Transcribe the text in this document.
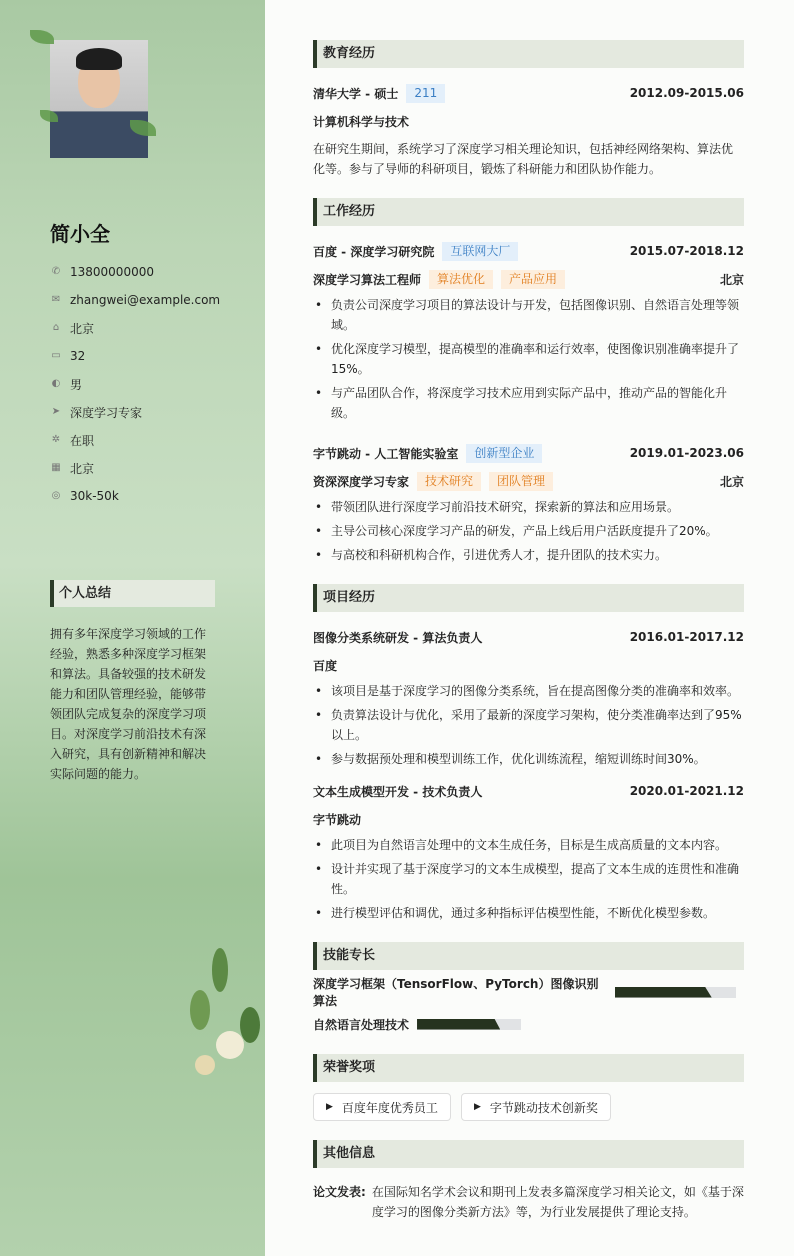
简小全
✆ 13800000000
✉ zhangwei@example.com
⌂ 北京
▭ 32
◐ 男
➤ 深度学习专家
✲ 在职
▦ 北京
◎ 30k-50k
个人总结
拥有多年深度学习领域的工作经验，熟悉多种深度学习框架和算法。具备较强的技术研发能力和团队管理经验，能够带领团队完成复杂的深度学习项目。对深度学习前沿技术有深入研究，具有创新精神和解决实际问题的能力。
教育经历
清华大学 - 硕士	211	2012.09-2015.06
计算机科学与技术
在研究生期间，系统学习了深度学习相关理论知识，包括神经网络架构、算法优化等。参与了导师的科研项目，锻炼了科研能力和团队协作能力。
工作经历
百度 - 深度学习研究院	互联网大厂	2015.07-2018.12
深度学习算法工程师	算法优化	产品应用	北京
• 负责公司深度学习项目的算法设计与开发，包括图像识别、自然语言处理等领域。
• 优化深度学习模型，提高模型的准确率和运行效率，使图像识别准确率提升了15%。
• 与产品团队合作，将深度学习技术应用到实际产品中，推动产品的智能化升级。
字节跳动 - 人工智能实验室	创新型企业	2019.01-2023.06
资深深度学习专家	技术研究	团队管理	北京
• 带领团队进行深度学习前沿技术研究，探索新的算法和应用场景。
• 主导公司核心深度学习产品的研发，产品上线后用户活跃度提升了20%。
• 与高校和科研机构合作，引进优秀人才，提升团队的技术实力。
项目经历
图像分类系统研发 - 算法负责人	2016.01-2017.12
百度
• 该项目是基于深度学习的图像分类系统，旨在提高图像分类的准确率和效率。
• 负责算法设计与优化，采用了最新的深度学习架构，使分类准确率达到了95%以上。
• 参与数据预处理和模型训练工作，优化训练流程，缩短训练时间30%。
文本生成模型开发 - 技术负责人	2020.01-2021.12
字节跳动
• 此项目为自然语言处理中的文本生成任务，目标是生成高质量的文本内容。
• 设计并实现了基于深度学习的文本生成模型，提高了文本生成的连贯性和准确性。
• 进行模型评估和调优，通过多种指标评估模型性能，不断优化模型参数。
技能专长
深度学习框架（TensorFlow、PyTorch）图像识别算法
自然语言处理技术
荣誉奖项
▶ 百度年度优秀员工	▶ 字节跳动技术创新奖
其他信息
论文发表: 在国际知名学术会议和期刊上发表多篇深度学习相关论文，如《基于深度学习的图像分类新方法》等，为行业发展提供了理论支持。
